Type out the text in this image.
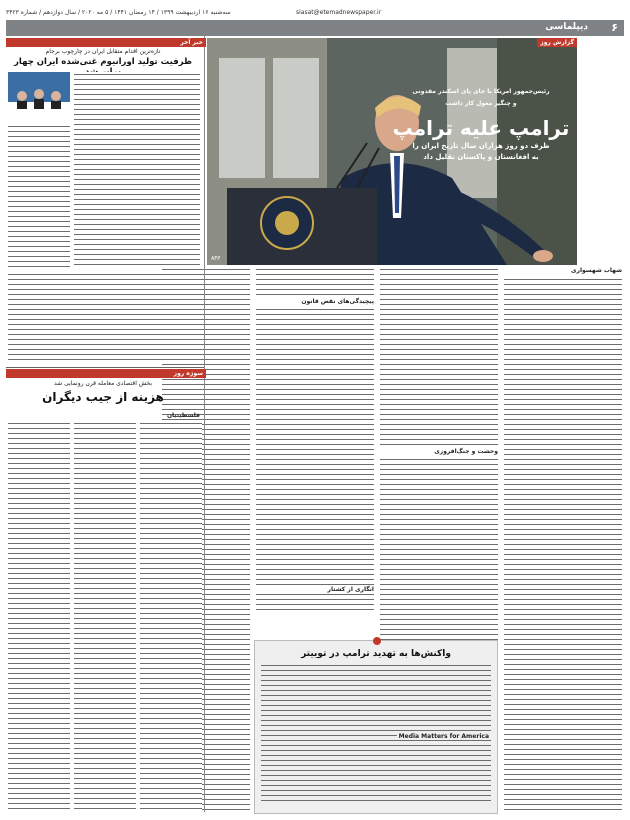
سه‌شنبه ۱۶ اردیبهشت ۱۳۹۹ / ۱۴ رمضان ۱۴۴۱ / ۵ مه ۲۰۲۰ / سال دوازدهم / شماره ۳۴۲۳	siasat@etemadnewspaper.ir
۶
دیپلماسی
گزارش روز
رئیس‌جمهور امریکا با جای پای اسکندر مقدونی
و چنگیز مغول کار داشت
ترامپ علیه ترامپ
ظرف دو روز هزاران سال تاریخ ایران را
به افغانستان و پاکستان تقلیل داد
AFP
شهاب شهسواری
وحشت و جنگ‌افروزی
پیچیدگی‌های نقض قانون
انگاری از کشتار
واکنش‌ها به تهدید ترامپ در توییتر
Media Matters for America
خبر آخر
تازه‌ترین اقدام متقابل ایران در چارچوب برجام
ظرفیت تولید اورانیوم غنی‌شده ایران چهار
سوژه روز
بخش اقتصادی معامله قرن رونمایی شد
هزینه از جیب دیگران
فلسطینیان
